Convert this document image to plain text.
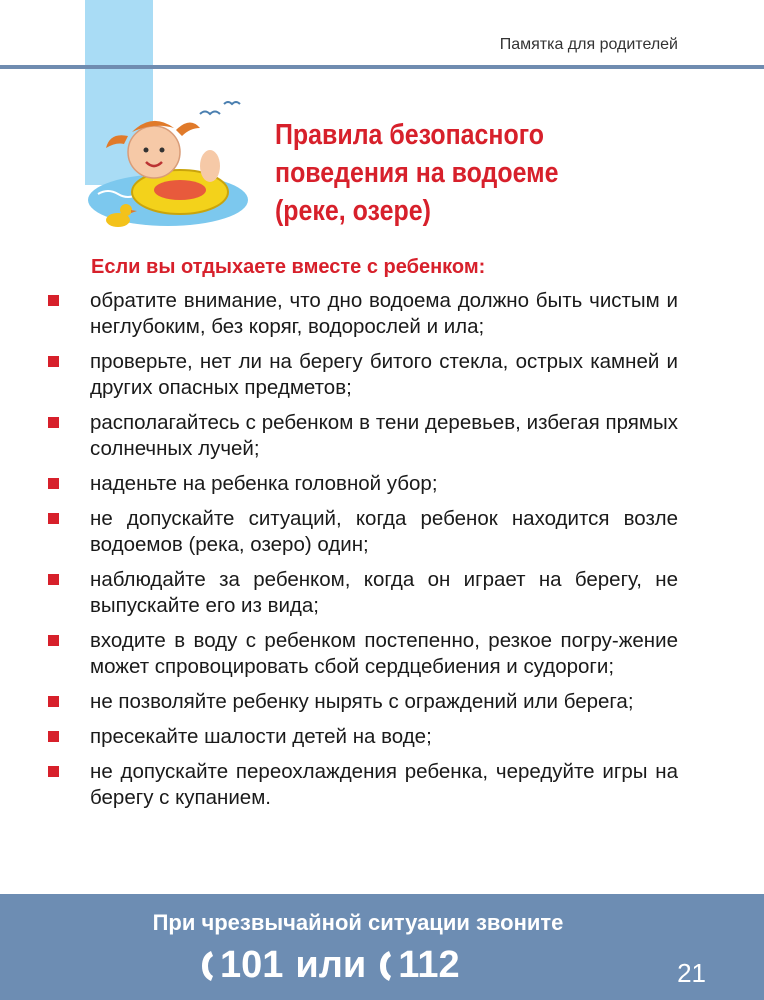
Памятка для родителей
Правила безопасного
поведения на водоеме
(реке, озере)
Если вы отдыхаете вместе с ребенком:
обратите внимание, что дно водоема должно быть чистым и неглубоким, без коряг, водорослей и ила;
проверьте, нет ли на берегу битого стекла, острых камней и других опасных предметов;
располагайтесь с ребенком в тени деревьев, избегая прямых солнечных лучей;
наденьте на ребенка головной убор;
не допускайте ситуаций, когда ребенок находится возле водоемов (река, озеро) один;
наблюдайте за ребенком, когда он играет на берегу, не выпускайте его из вида;
входите в воду с ребенком постепенно, резкое погру-жение может спровоцировать сбой сердцебиения и судороги;
не позволяйте ребенку нырять с ограждений или берега;
пресекайте шалости детей на воде;
не допускайте переохлаждения ребенка, чередуйте игры на берегу с купанием.
При чрезвычайной ситуации звоните
101 или 112	21
